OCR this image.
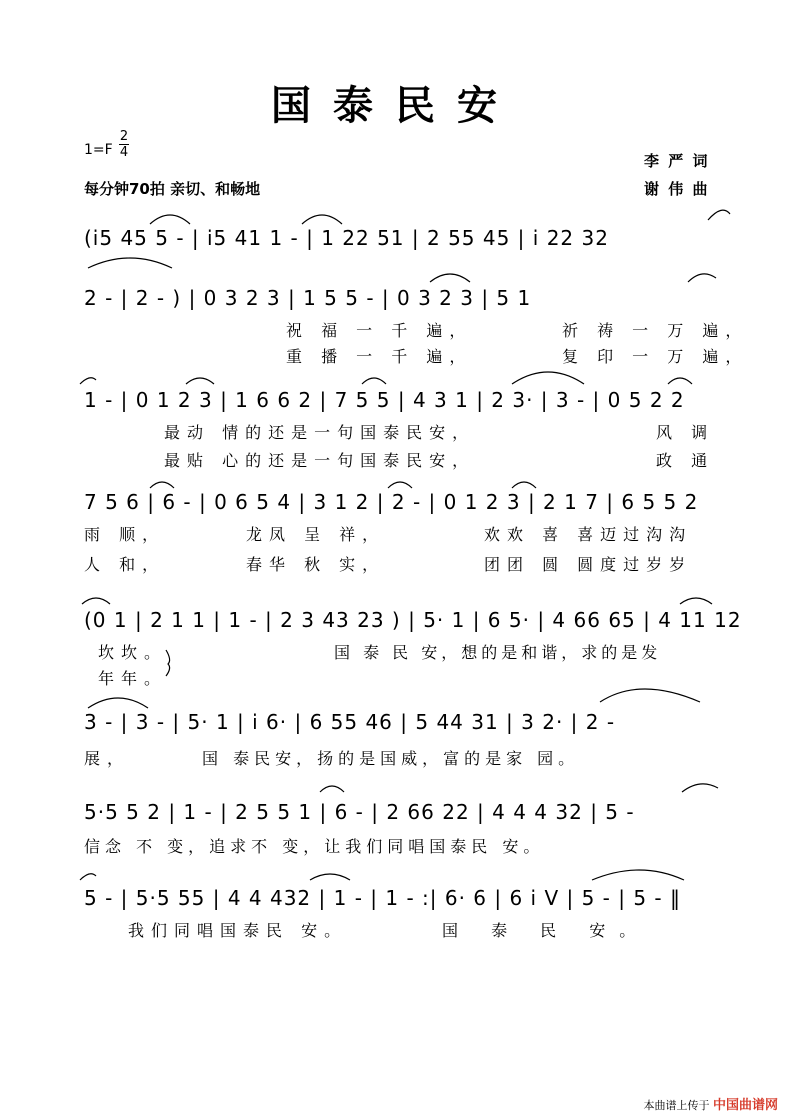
国泰民安
1=F
2
4
每分钟70拍 亲切、和畅地
李 严 词
谢 伟 曲
(i5 45 5 - | i5 41 1 - | 1 22 51 | 2 55 45 | i 22 32
2 - | 2 - ) | 0 3 2 3 | 1 5 5 - | 0 3 2 3 | 5 1
1 - | 0 1 2 3 | 1 6 6 2 | 7 5 5 | 4 3 1 | 2 3· | 3 - | 0 5 2 2
7 5 6 | 6 - | 0 6 5 4 | 3 1 2 | 2 - | 0 1 2 3 | 2 1 7 | 6 5 5 2
(0 1 | 2 1 1 | 1 - | 2 3 43 23 ) | 5· 1 | 6 5· | 4 66 65 | 4 11 12
3 - | 3 - | 5· 1 | i 6· | 6 55 46 | 5 44 31 | 3 2· | 2 -
5·5 5 2 | 1 - | 2 5 5 1 | 6 - | 2 66 22 | 4 4 4 32 | 5 -
5 - | 5·5 55 | 4 4 432 | 1 - | 1 - :| 6· 6 | 6 i V | 5 - | 5 - ‖
祝 福 一 千 遍，	祈 祷 一 万 遍，
重 播 一 千 遍，	复 印 一 万 遍，
最动 情的还是一句国泰民安，	风 调
最贴 心的还是一句国泰民安，	政 通
雨 顺，	龙凤 呈 祥，	欢欢 喜 喜迈过沟沟
人 和，	春华 秋 实，	团团 圆 圆度过岁岁
坎坎。	国 泰 民 安，想的是和谐，求的是发
年年。
展，	国 泰民安，扬的是国威，富的是家 园。
信念 不 变，追求不 变，让我们同唱国泰民 安。
我们同唱国泰民 安。	国 泰 民 安。
本曲谱上传于 中国曲谱网
